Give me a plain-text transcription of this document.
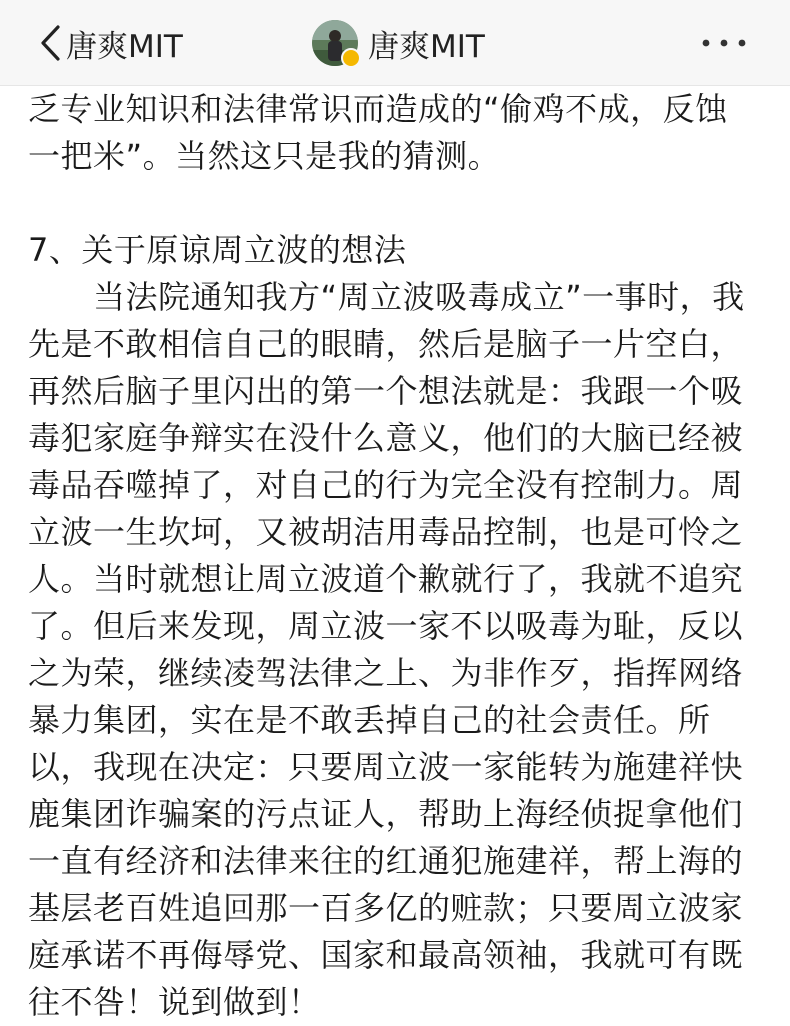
唐爽MIT	唐爽MIT
乏专业知识和法律常识而造成的“偷鸡不成，反蚀
一把米”。当然这只是我的猜测。
7、关于原谅周立波的想法
　　当法院通知我方“周立波吸毒成立”一事时，我
先是不敢相信自己的眼睛，然后是脑子一片空白，
再然后脑子里闪出的第一个想法就是：我跟一个吸
毒犯家庭争辩实在没什么意义，他们的大脑已经被
毒品吞噬掉了，对自己的行为完全没有控制力。周
立波一生坎坷，又被胡洁用毒品控制，也是可怜之
人。当时就想让周立波道个歉就行了，我就不追究
了。但后来发现，周立波一家不以吸毒为耻，反以
之为荣，继续凌驾法律之上、为非作歹，指挥网络
暴力集团，实在是不敢丢掉自己的社会责任。所
以，我现在决定：只要周立波一家能转为施建祥快
鹿集团诈骗案的污点证人，帮助上海经侦捉拿他们
一直有经济和法律来往的红通犯施建祥，帮上海的
基层老百姓追回那一百多亿的赃款；只要周立波家
庭承诺不再侮辱党、国家和最高领袖，我就可有既
往不咎！说到做到！
